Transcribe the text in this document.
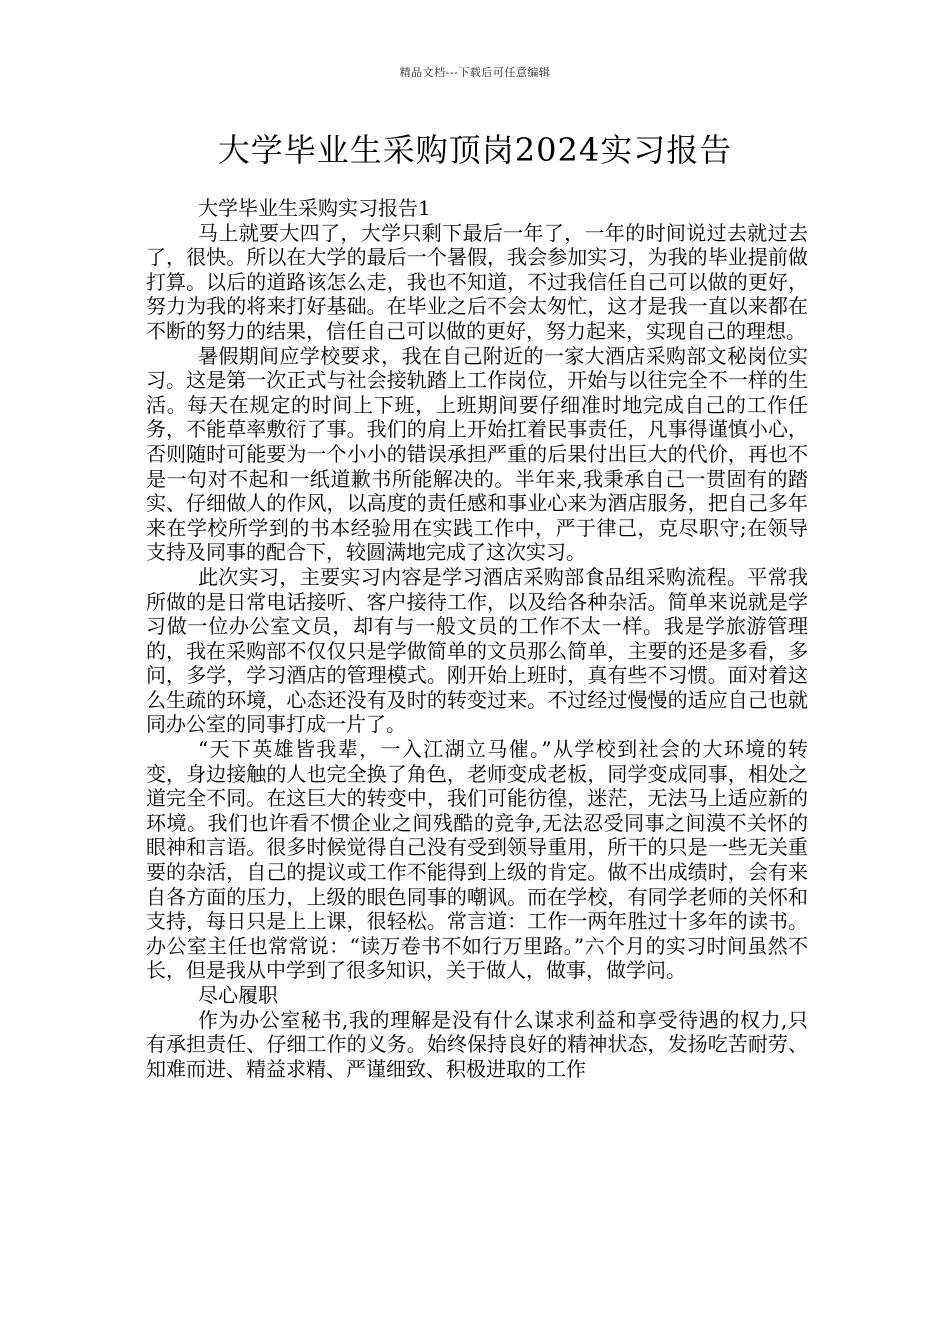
精品文档---下载后可任意编辑
大学毕业生采购顶岗2024实习报告

大学毕业生采购实习报告1

马上就要大四了，大学只剩下最后一年了，一年的时间说过去就过去了，很快。所以在大学的最后一个暑假，我会参加实习，为我的毕业提前做打算。以后的道路该怎么走，我也不知道，不过我信任自己可以做的更好，努力为我的将来打好基础。在毕业之后不会太匆忙，这才是我一直以来都在不断的努力的结果，信任自己可以做的更好，努力起来，实现自己的理想。

暑假期间应学校要求，我在自己附近的一家大酒店采购部文秘岗位实习。这是第一次正式与社会接轨踏上工作岗位，开始与以往完全不一样的生活。每天在规定的时间上下班，上班期间要仔细准时地完成自己的工作任务，不能草率敷衍了事。我们的肩上开始扛着民事责任，凡事得谨慎小心，否则随时可能要为一个小小的错误承担严重的后果付出巨大的代价，再也不是一句对不起和一纸道歉书所能解决的。半年来,我秉承自己一贯固有的踏实、仔细做人的作风，以高度的责任感和事业心来为酒店服务，把自己多年来在学校所学到的书本经验用在实践工作中，严于律己，克尽职守;在领导支持及同事的配合下，较圆满地完成了这次实习。

此次实习，主要实习内容是学习酒店采购部食品组采购流程。平常我所做的是日常电话接听、客户接待工作，以及给各种杂活。简单来说就是学习做一位办公室文员，却有与一般文员的工作不太一样。我是学旅游管理的，我在采购部不仅仅只是学做简单的文员那么简单，主要的还是多看，多问，多学，学习酒店的管理模式。刚开始上班时，真有些不习惯。面对着这么生疏的环境，心态还没有及时的转变过来。不过经过慢慢的适应自己也就同办公室的同事打成一片了。

“天下英雄皆我辈，一入江湖立马催。”从学校到社会的大环境的转变，身边接触的人也完全换了角色，老师变成老板，同学变成同事，相处之道完全不同。在这巨大的转变中，我们可能彷徨，迷茫，无法马上适应新的环境。我们也许看不惯企业之间残酷的竞争,无法忍受同事之间漠不关怀的眼神和言语。很多时候觉得自己没有受到领导重用，所干的只是一些无关重要的杂活，自己的提议或工作不能得到上级的肯定。做不出成绩时，会有来自各方面的压力，上级的眼色同事的嘲讽。而在学校，有同学老师的关怀和支持，每日只是上上课，很轻松。常言道：工作一两年胜过十多年的读书。办公室主任也常常说：“读万卷书不如行万里路。”六个月的实习时间虽然不长，但是我从中学到了很多知识，关于做人，做事，做学问。

尽心履职

作为办公室秘书,我的理解是没有什么谋求利益和享受待遇的权力,只有承担责任、仔细工作的义务。始终保持良好的精神状态，发扬吃苦耐劳、知难而进、精益求精、严谨细致、积极进取的工作
